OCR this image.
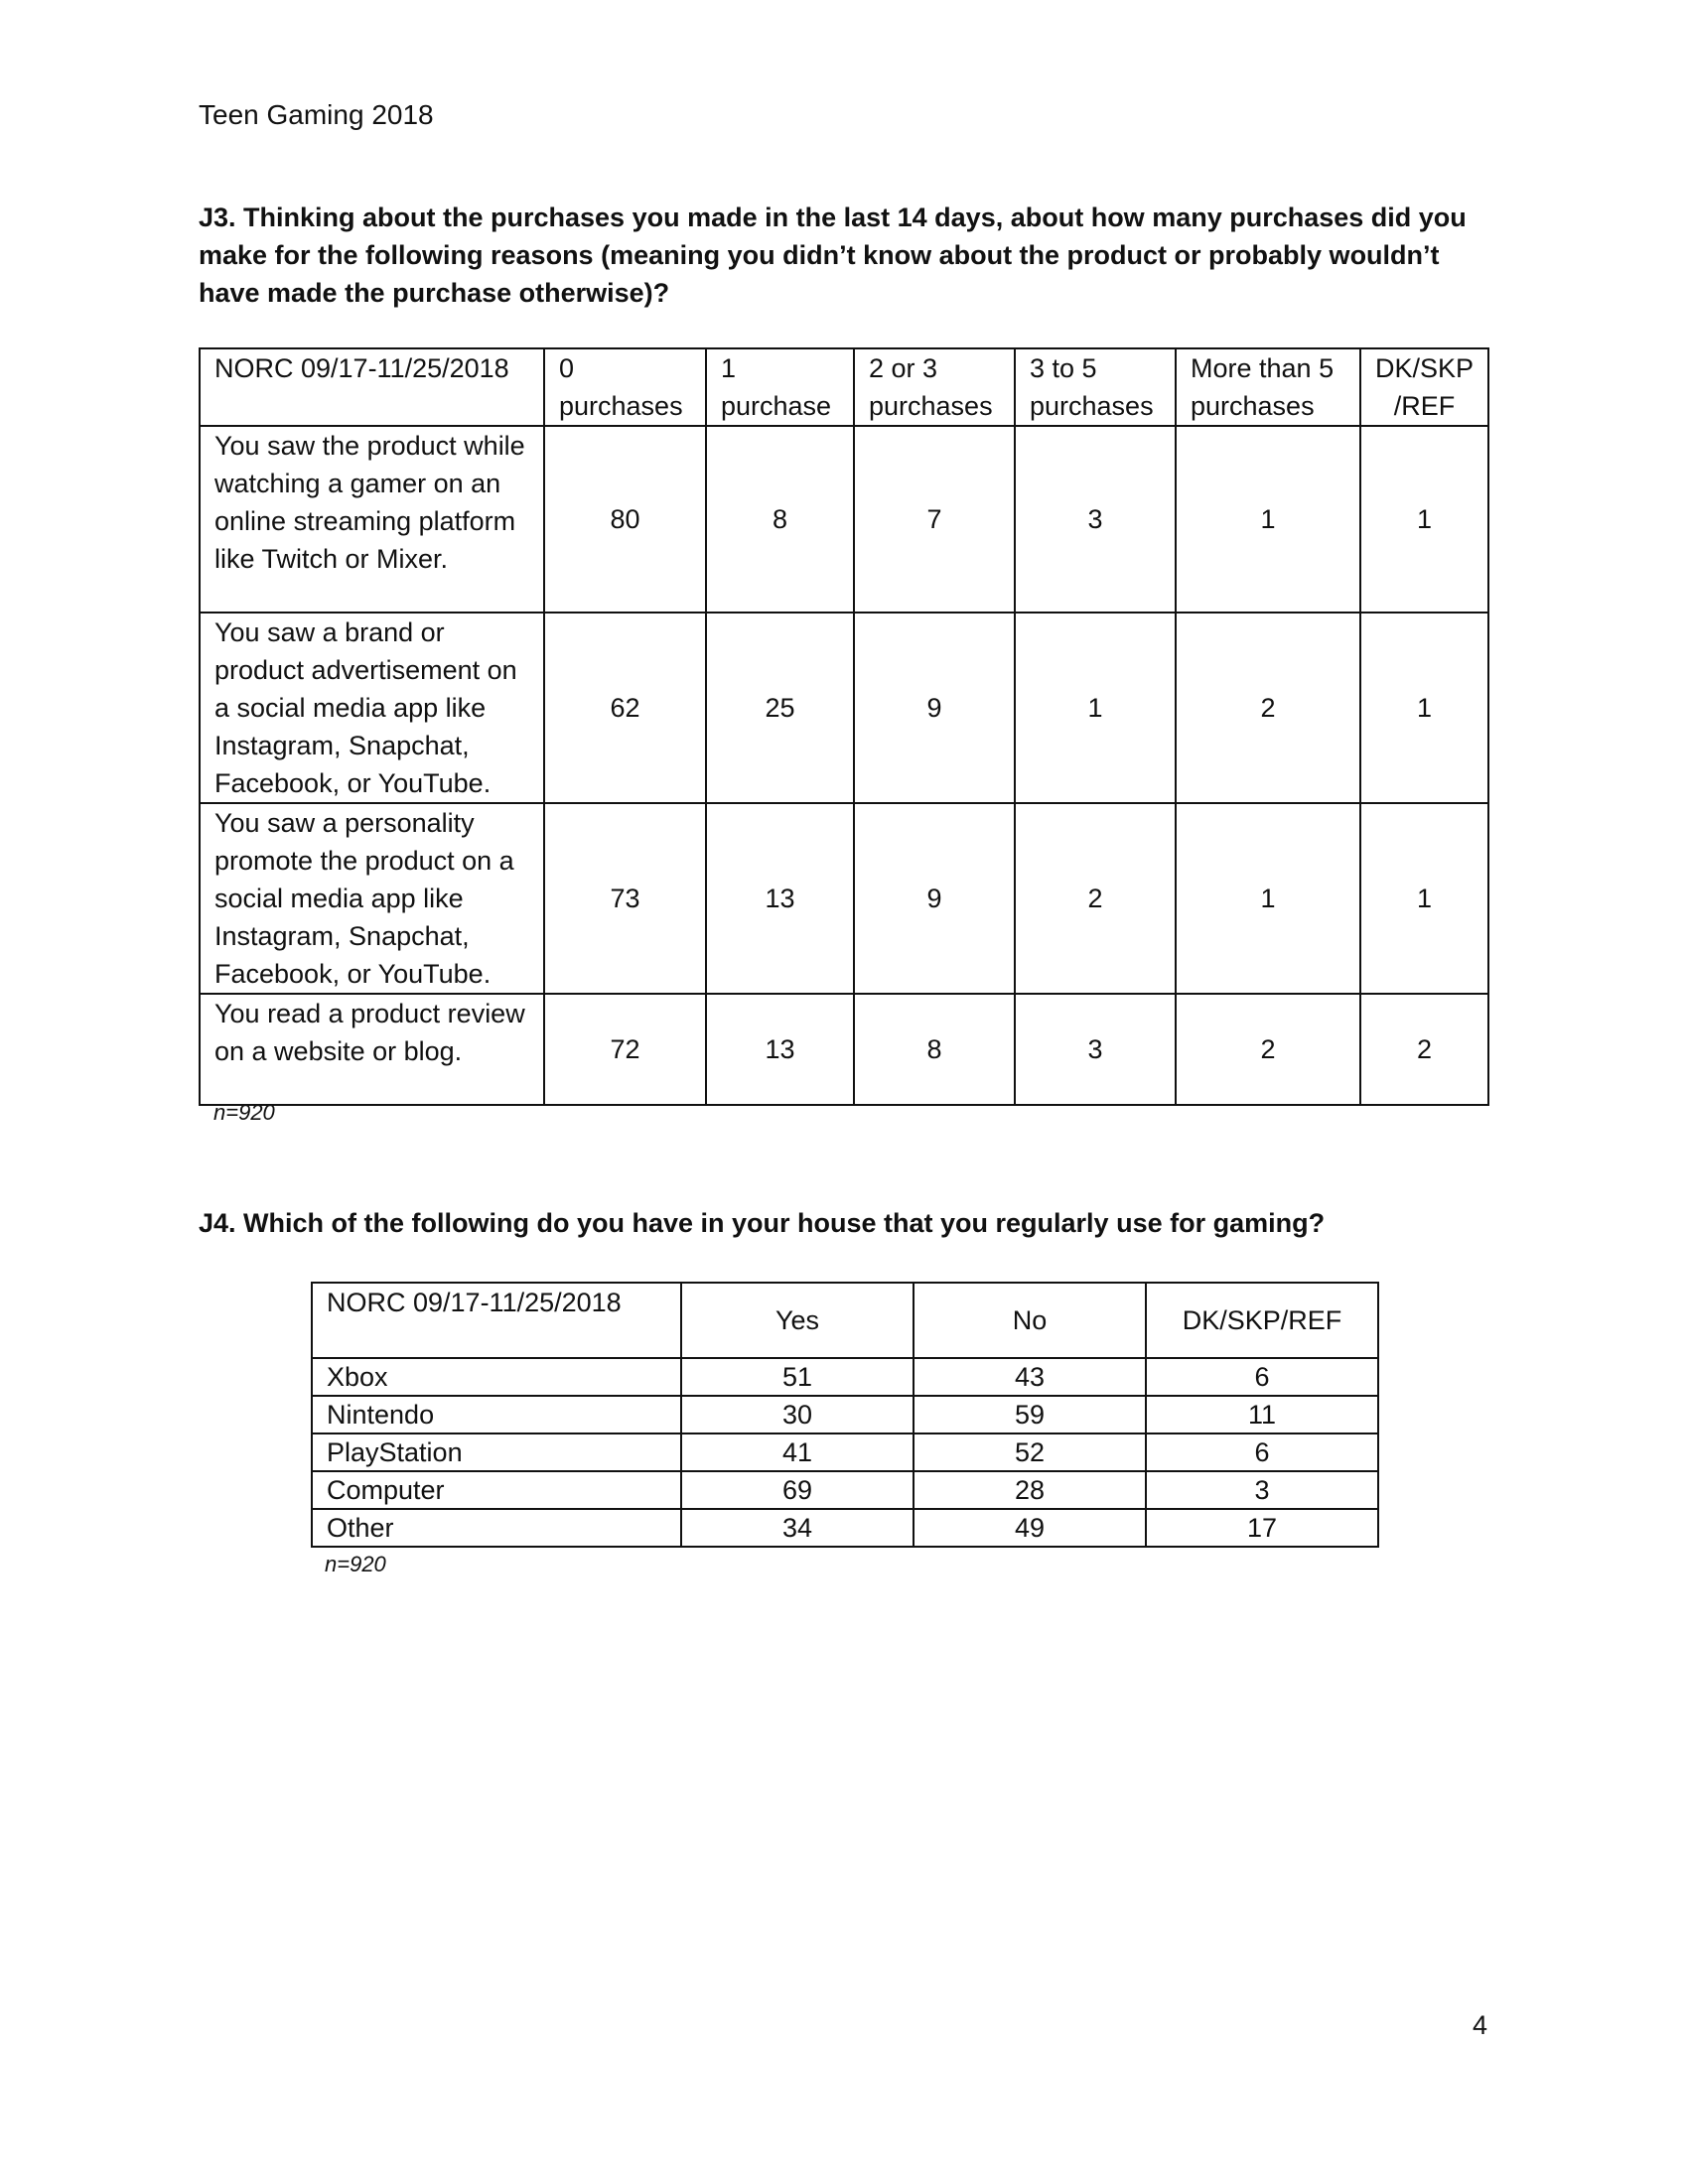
Teen Gaming 2018

J3. Thinking about the purchases you made in the last 14 days, about how many purchases did you make for the following reasons (meaning you didn’t know about the product or probably wouldn’t have made the purchase otherwise)?

NORC 09/17-11/25/2018	0 purchases	1 purchase	2 or 3 purchases	3 to 5 purchases	More than 5 purchases	DK/SKP /REF
You saw the product while watching a gamer on an online streaming platform like Twitch or Mixer.	80	8	7	3	1	1
You saw a brand or product advertisement on a social media app like Instagram, Snapchat, Facebook, or YouTube.	62	25	9	1	2	1
You saw a personality promote the product on a social media app like Instagram, Snapchat, Facebook, or YouTube.	73	13	9	2	1	1
You read a product review on a website or blog.	72	13	8	3	2	2
n=920

J4. Which of the following do you have in your house that you regularly use for gaming?

NORC 09/17-11/25/2018	Yes	No	DK/SKP/REF
Xbox	51	43	6
Nintendo	30	59	11
PlayStation	41	52	6
Computer	69	28	3
Other	34	49	17
n=920
4
